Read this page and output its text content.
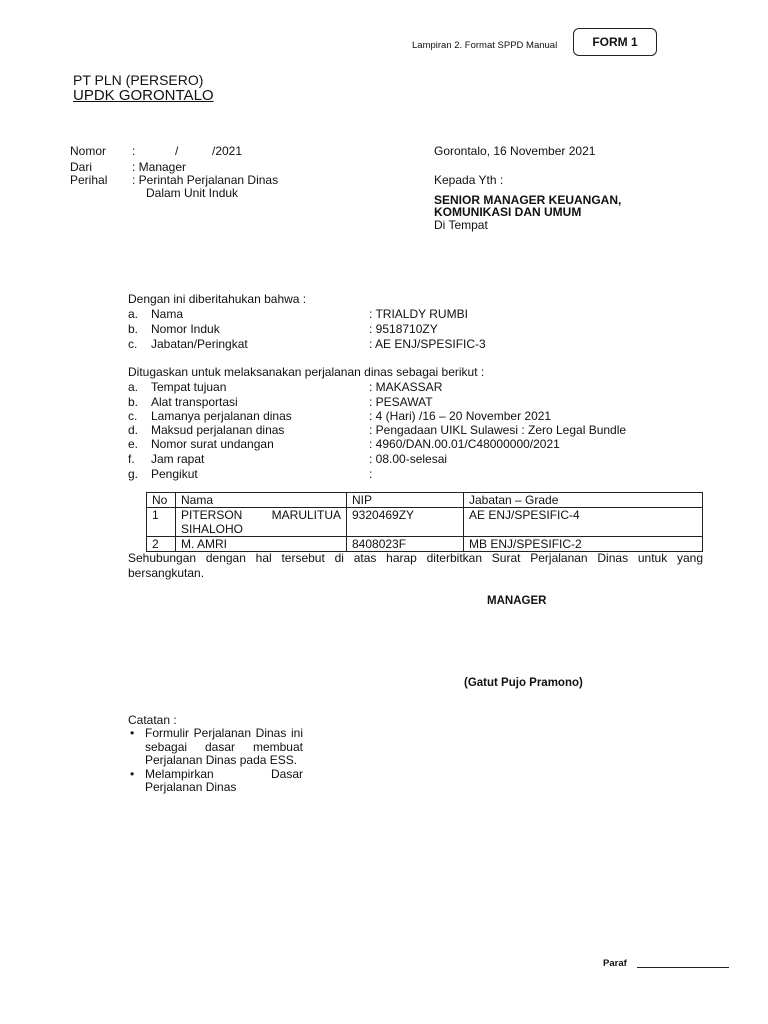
Lampiran 2. Format SPPD Manual	FORM 1
PT PLN (PERSERO)
UPDK GORONTALO
Nomor :	/	/2021
Dari	: Manager
Perihal : Perintah Perjalanan Dinas
Dalam Unit Induk
Gorontalo, 16 November 2021
Kepada Yth :
SENIOR MANAGER KEUANGAN,
KOMUNIKASI DAN UMUM
Di Tempat
Dengan ini diberitahukan bahwa :
a. Nama	: TRIALDY RUMBI
b. Nomor Induk	: 9518710ZY
c. Jabatan/Peringkat	: AE ENJ/SPESIFIC-3
Ditugaskan untuk melaksanakan perjalanan dinas sebagai berikut :
a. Tempat tujuan	: MAKASSAR
b. Alat transportasi	: PESAWAT
c. Lamanya perjalanan dinas	: 4 (Hari) /16 – 20 November 2021
d. Maksud perjalanan dinas	: Pengadaan UIKL Sulawesi : Zero Legal Bundle
e. Nomor surat undangan	: 4960/DAN.00.01/C48000000/2021
f. Jam rapat	: 08.00-selesai
g. Pengikut	:
No	Nama	NIP	Jabatan – Grade
1	PITERSON MARULITUA
SIHALOHO	9320469ZY	AE ENJ/SPESIFIC-4
2	M. AMRI	8408023F	MB ENJ/SPESIFIC-2
Sehubungan dengan hal tersebut di atas harap diterbitkan Surat Perjalanan Dinas untuk yang bersangkutan.
MANAGER
(Gatut Pujo Pramono)
Catatan :
• Formulir Perjalanan Dinas ini sebagai dasar membuat Perjalanan Dinas pada ESS.
• Melampirkan Dasar Perjalanan Dinas
Paraf
